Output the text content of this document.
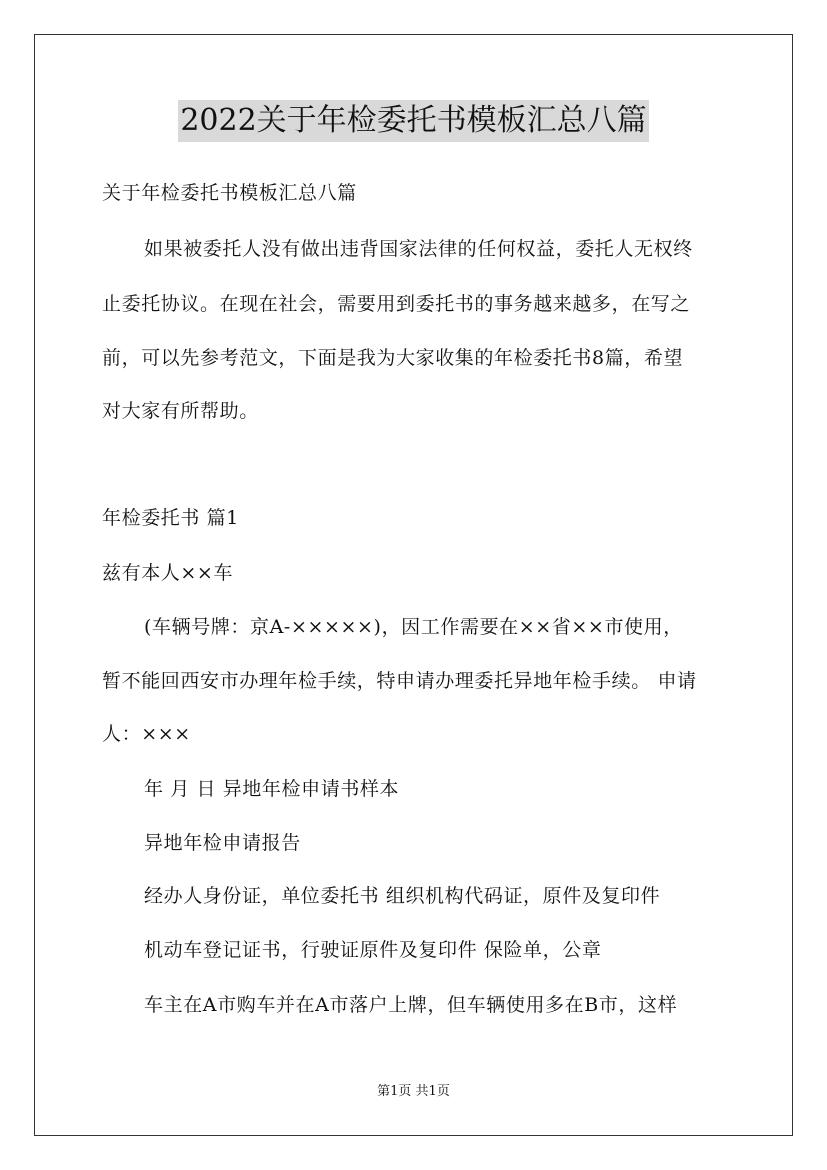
2022关于年检委托书模板汇总八篇
关于年检委托书模板汇总八篇
如果被委托人没有做出违背国家法律的任何权益，委托人无权终
止委托协议。在现在社会，需要用到委托书的事务越来越多，在写之
前，可以先参考范文，下面是我为大家收集的年检委托书8篇，希望
对大家有所帮助。
年检委托书 篇1
兹有本人××车
(车辆号牌：京A-×××××)，因工作需要在××省××市使用，
暂不能回西安市办理年检手续，特申请办理委托异地年检手续。 申请
人：×××
年 月 日 异地年检申请书样本
异地年检申请报告
经办人身份证，单位委托书 组织机构代码证，原件及复印件
机动车登记证书，行驶证原件及复印件 保险单，公章
车主在A市购车并在A市落户上牌，但车辆使用多在B市，这样
第1页 共1页
